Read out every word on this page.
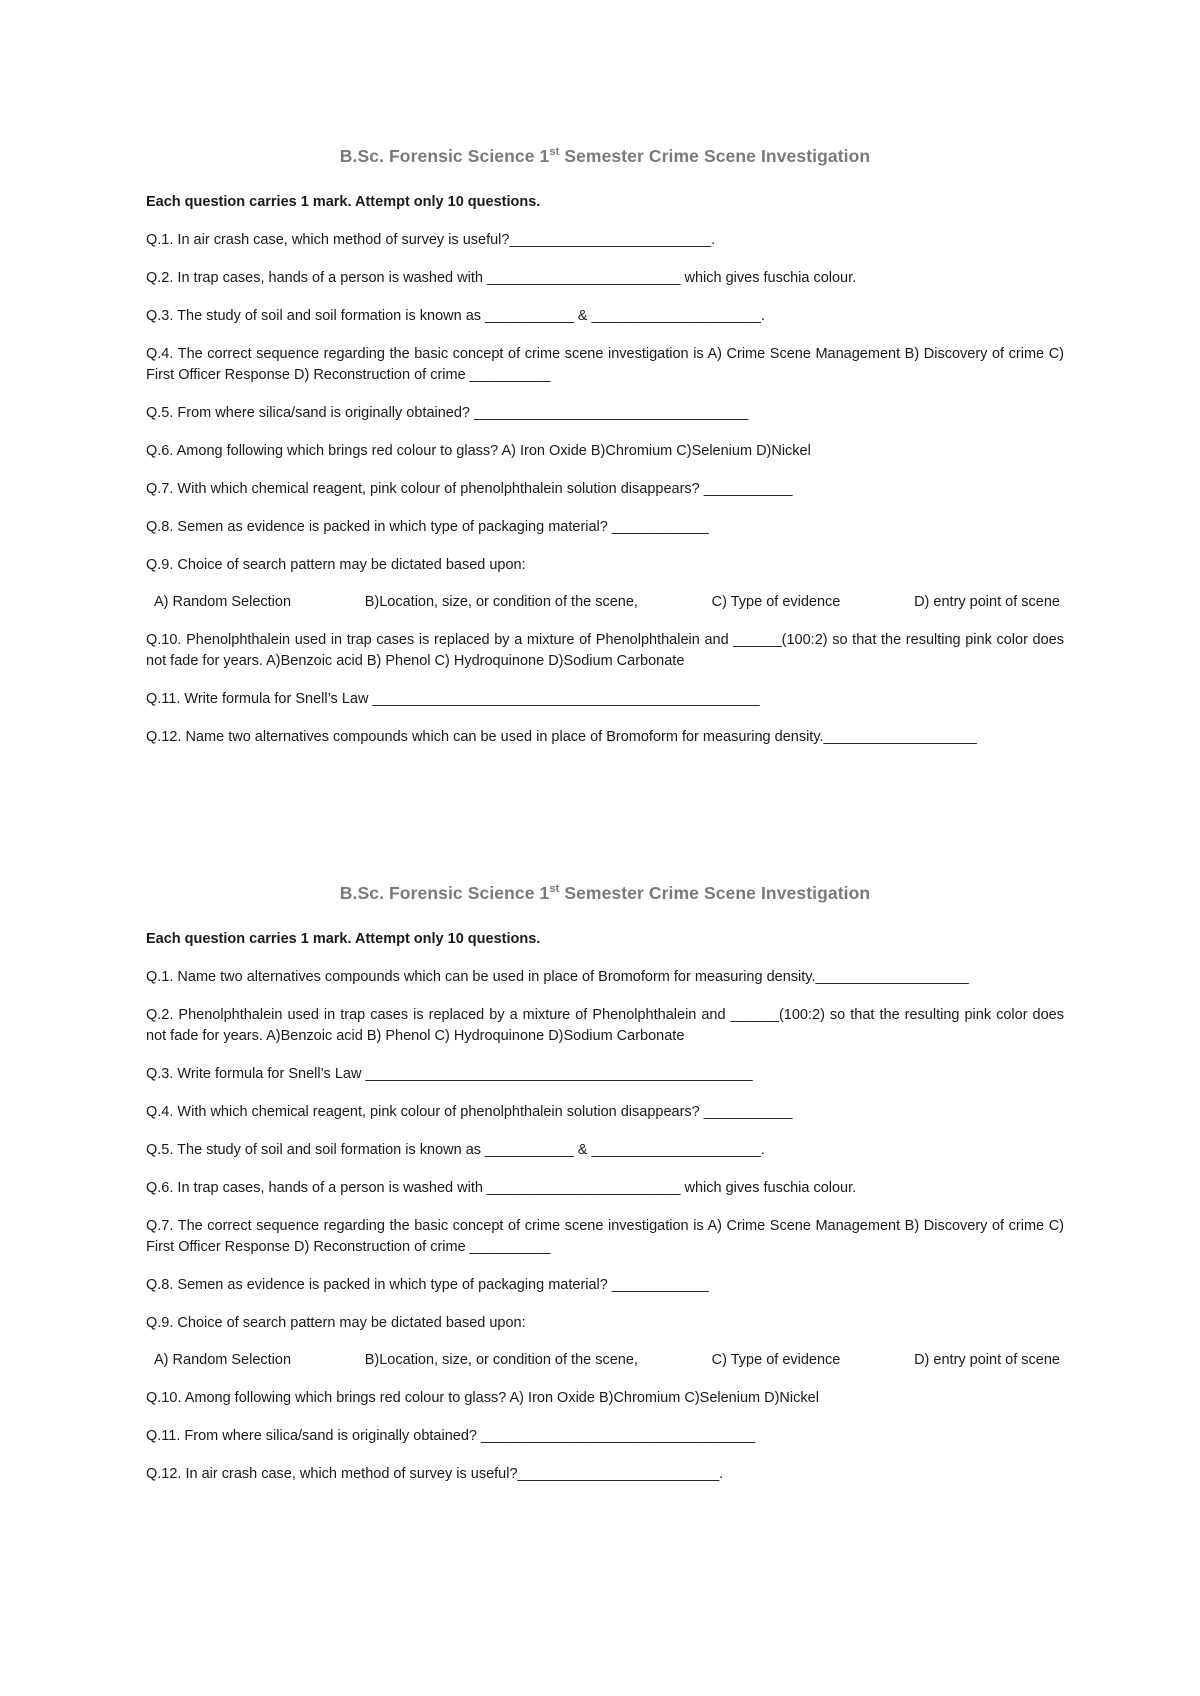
B.Sc. Forensic Science 1st Semester Crime Scene Investigation
Each question carries 1 mark. Attempt only 10 questions.
Q.1. In air crash case, which method of survey is useful?_________________________.
Q.2. In trap cases, hands of a person is washed with ________________________ which gives fuschia colour.
Q.3. The study of soil and soil formation is known as ___________ & _____________________.
Q.4. The correct sequence regarding the basic concept of crime scene investigation is A) Crime Scene Management B) Discovery of crime C) First Officer Response D) Reconstruction of crime __________
Q.5. From where silica/sand is originally obtained? __________________________________
Q.6. Among following which brings red colour to glass? A) Iron Oxide B)Chromium C)Selenium D)Nickel
Q.7. With which chemical reagent, pink colour of phenolphthalein solution disappears? ___________
Q.8. Semen as evidence is packed in which type of packaging material? ____________
Q.9. Choice of search pattern may be dictated based upon:
A) Random Selection	B)Location, size, or condition of the scene,	C) Type of evidence	D) entry point of scene
Q.10. Phenolphthalein used in trap cases is replaced by a mixture of Phenolphthalein and ______(100:2) so that the resulting pink color does not fade for years. A)Benzoic acid B) Phenol C) Hydroquinone D)Sodium Carbonate
Q.11. Write formula for Snell’s Law ________________________________________________
Q.12. Name two alternatives compounds which can be used in place of Bromoform for measuring density.___________________
B.Sc. Forensic Science 1st Semester Crime Scene Investigation
Each question carries 1 mark. Attempt only 10 questions.
Q.1. Name two alternatives compounds which can be used in place of Bromoform for measuring density.___________________
Q.2. Phenolphthalein used in trap cases is replaced by a mixture of Phenolphthalein and ______(100:2) so that the resulting pink color does not fade for years. A)Benzoic acid B) Phenol C) Hydroquinone D)Sodium Carbonate
Q.3. Write formula for Snell’s Law ________________________________________________
Q.4. With which chemical reagent, pink colour of phenolphthalein solution disappears? ___________
Q.5. The study of soil and soil formation is known as ___________ & _____________________.
Q.6. In trap cases, hands of a person is washed with ________________________ which gives fuschia colour.
Q.7. The correct sequence regarding the basic concept of crime scene investigation is A) Crime Scene Management B) Discovery of crime C) First Officer Response D) Reconstruction of crime __________
Q.8. Semen as evidence is packed in which type of packaging material? ____________
Q.9. Choice of search pattern may be dictated based upon:
A) Random Selection	B)Location, size, or condition of the scene,	C) Type of evidence	D) entry point of scene
Q.10. Among following which brings red colour to glass? A) Iron Oxide B)Chromium C)Selenium D)Nickel
Q.11. From where silica/sand is originally obtained? __________________________________
Q.12. In air crash case, which method of survey is useful?_________________________.
